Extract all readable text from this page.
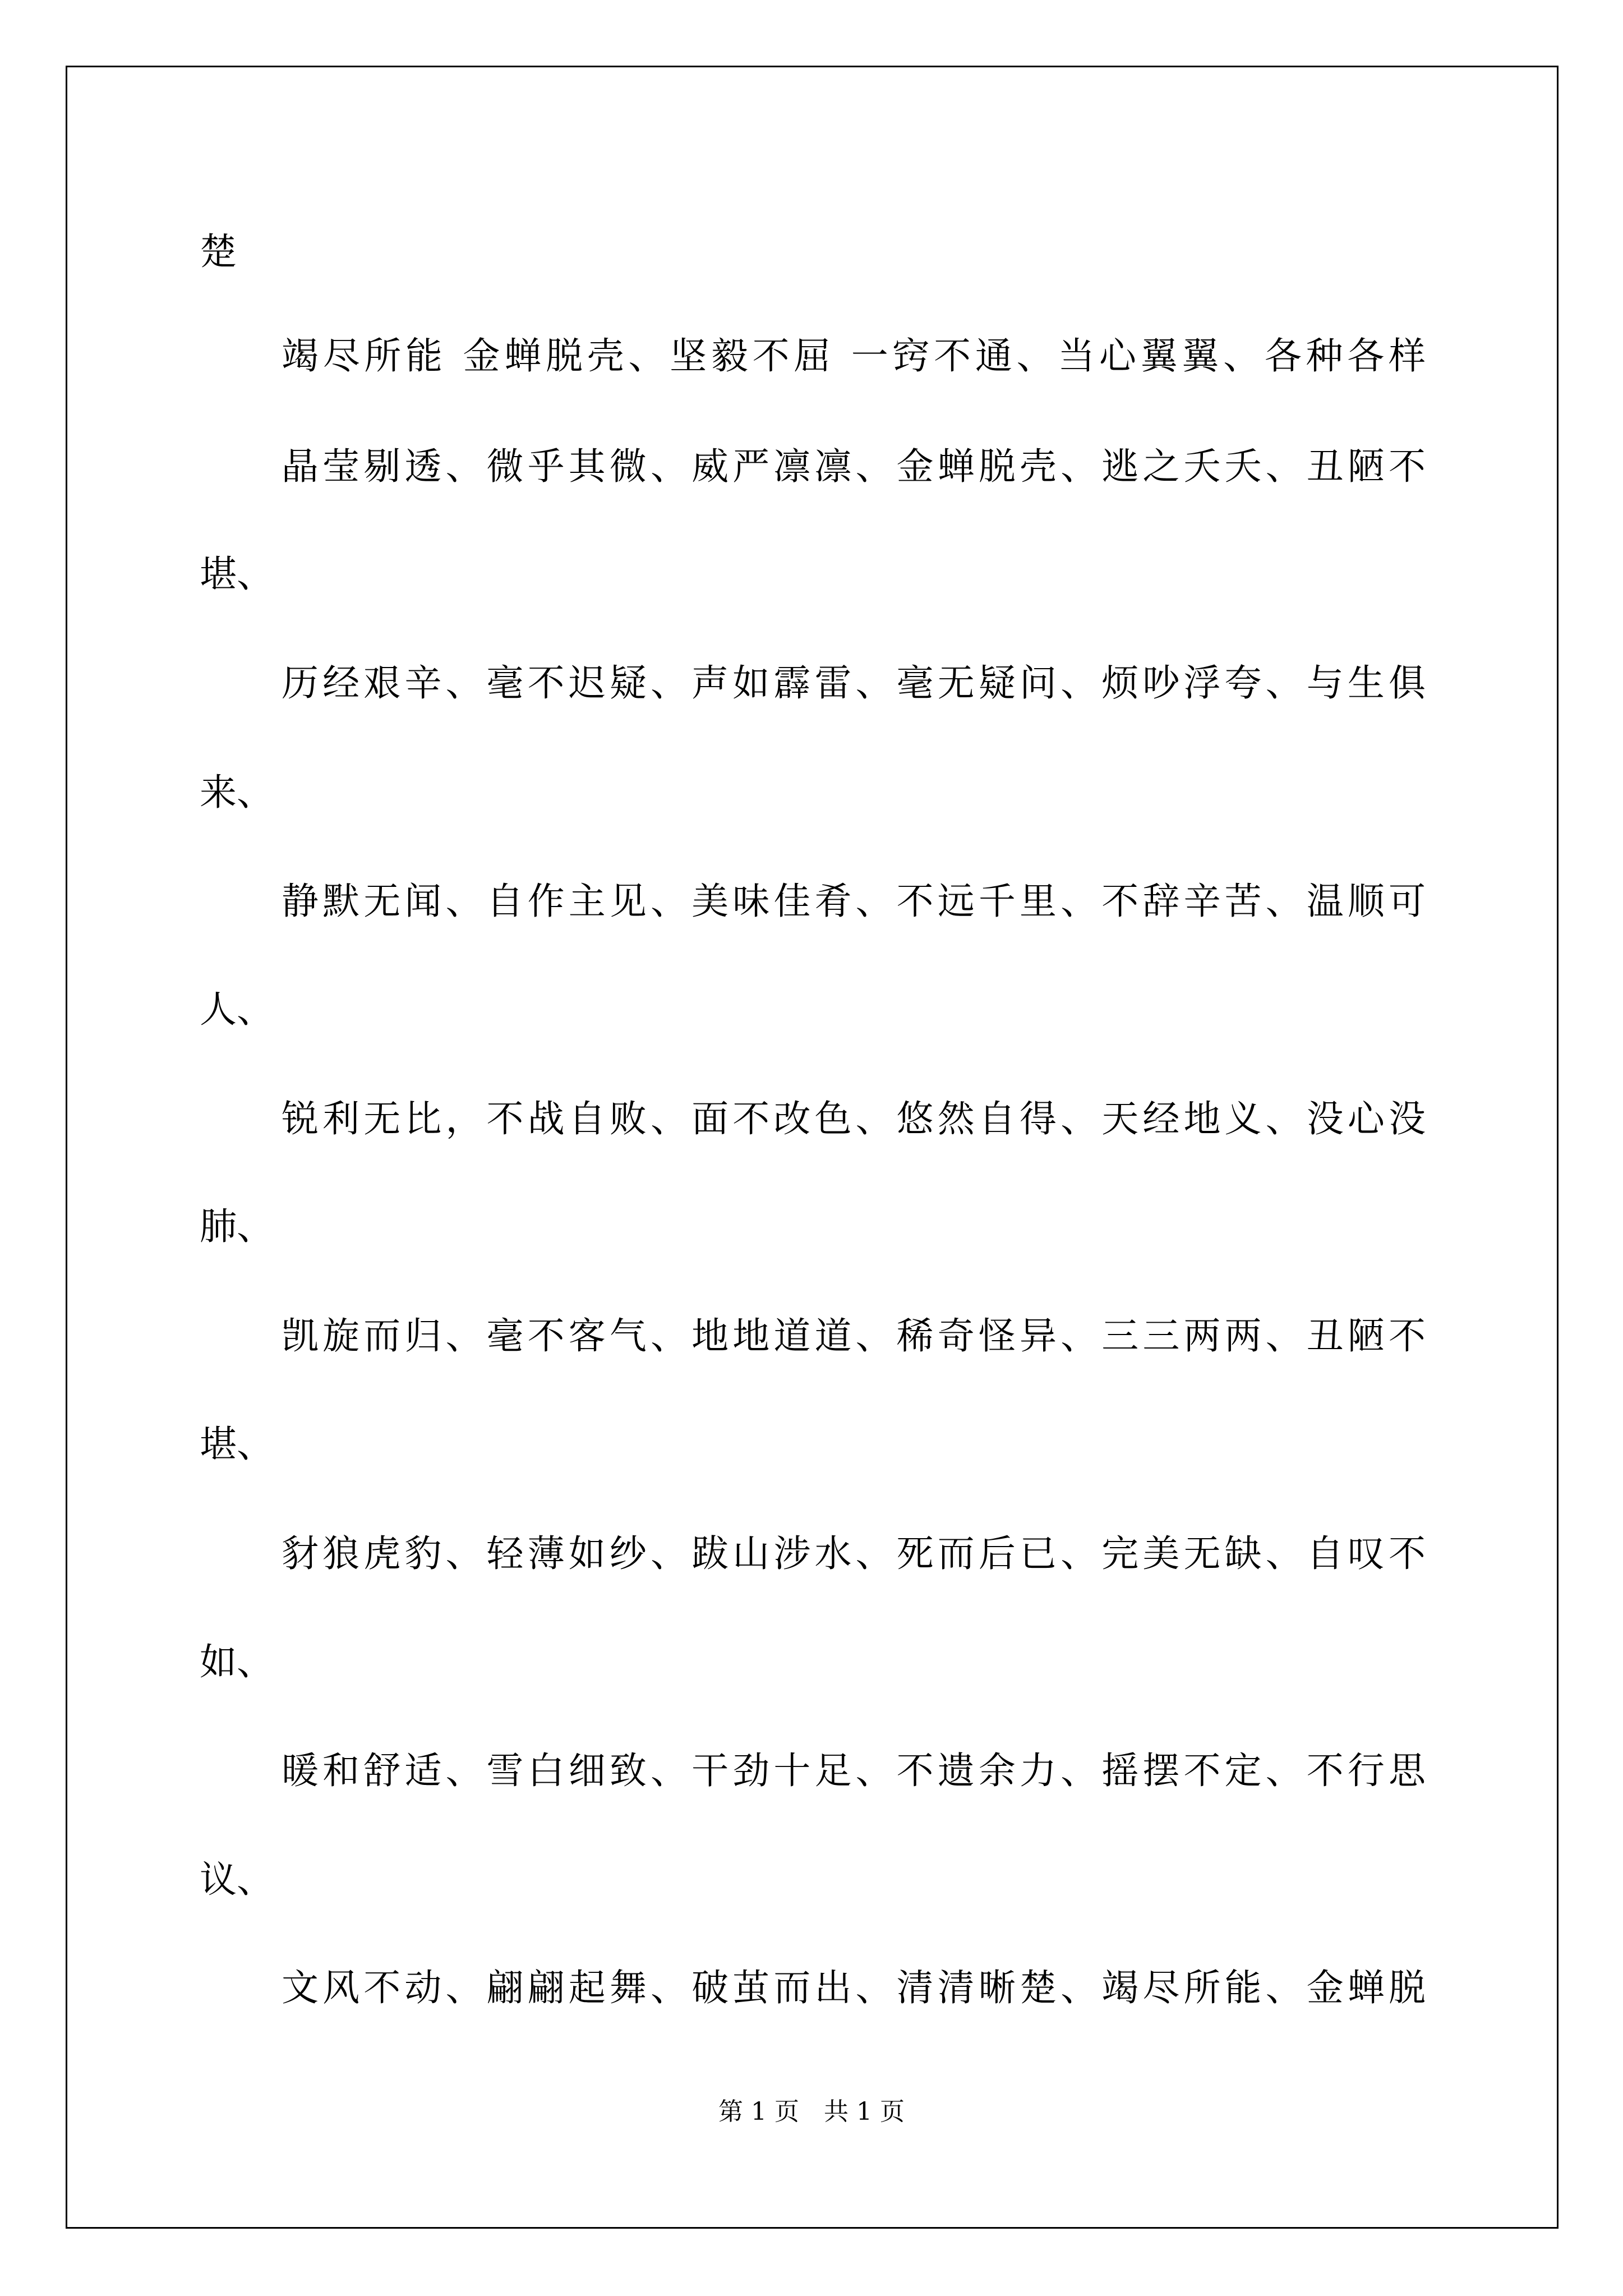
楚
竭尽所能 金蝉脱壳、坚毅不屈 一窍不通、当心翼翼、各种各样
晶莹剔透、微乎其微、威严凛凛、金蝉脱壳、逃之夭夭、丑陋不
堪、
历经艰辛、毫不迟疑、声如霹雷、毫无疑问、烦吵浮夸、与生俱
来、
静默无闻、自作主见、美味佳肴、不远千里、不辞辛苦、温顺可
人、
锐利无比，不战自败、面不改色、悠然自得、天经地义、没心没
肺、
凯旋而归、毫不客气、地地道道、稀奇怪异、三三两两、丑陋不
堪、
豺狼虎豹、轻薄如纱、跋山涉水、死而后已、完美无缺、自叹不
如、
暖和舒适、雪白细致、干劲十足、不遗余力、摇摆不定、不行思
议、
文风不动、翩翩起舞、破茧而出、清清晰楚、竭尽所能、金蝉脱
第 1 页　共 1 页
